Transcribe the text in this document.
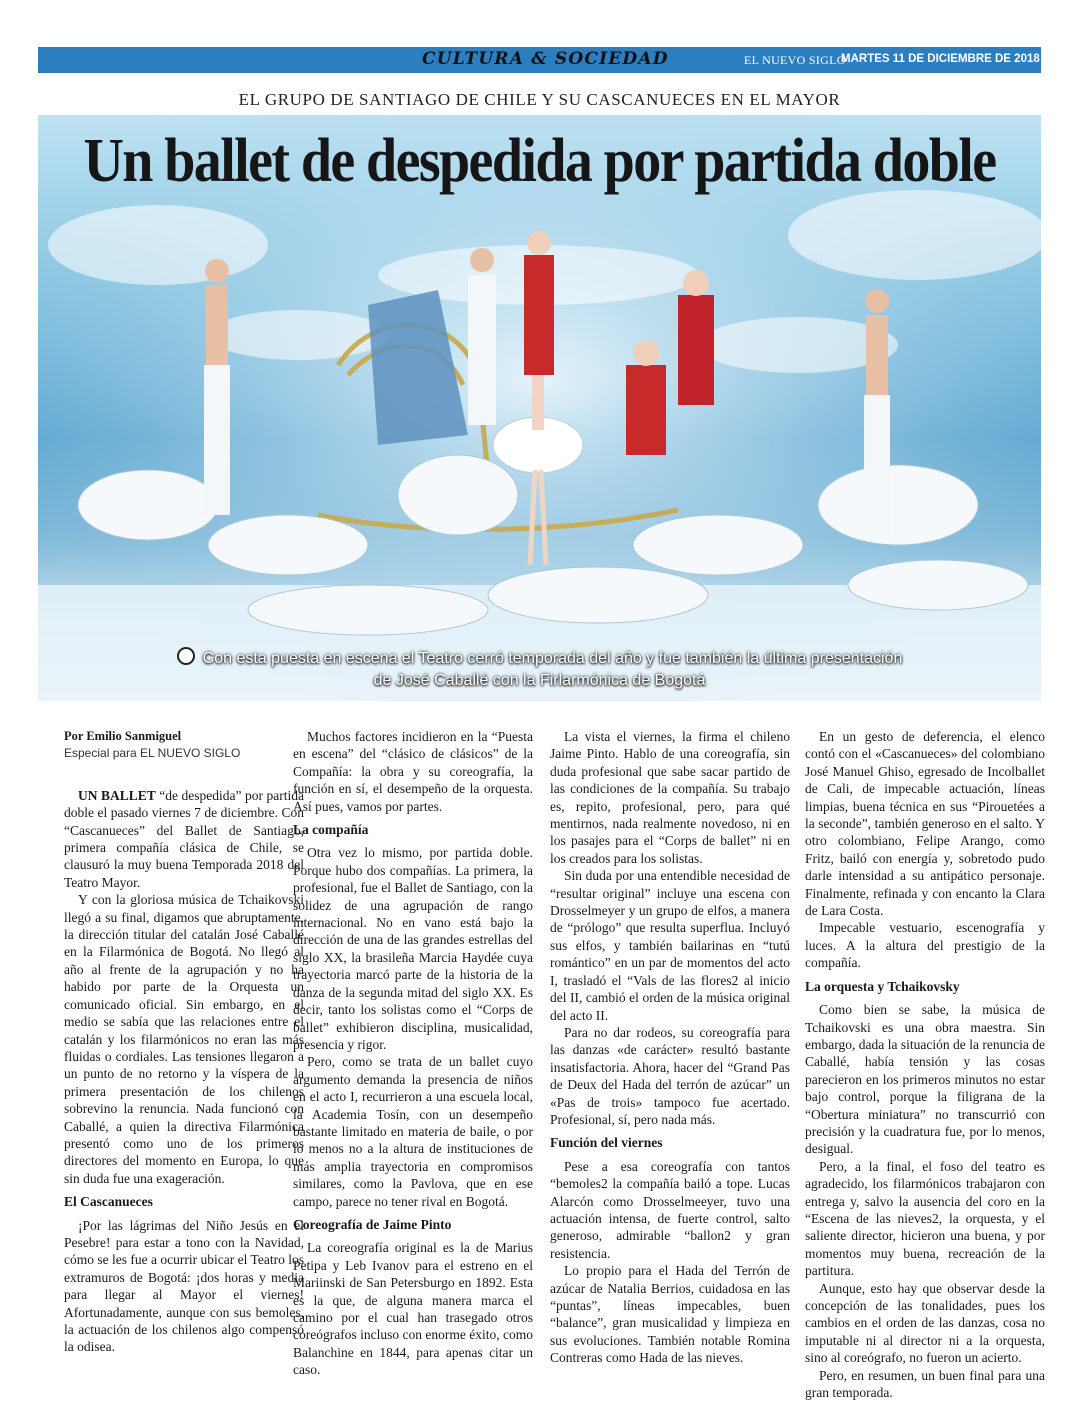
CULTURA & SOCIEDAD	EL NUEVO SIGLO
MARTES 11 DE DICIEMBRE DE 2018 1B
EL GRUPO DE SANTIAGO DE CHILE Y SU CASCANUECES EN EL MAYOR
Un ballet de despedida por partida doble
Con esta puesta en escena el Teatro cerró temporada del año y fue también la última presentación
de José Caballé con la Firlarmónica de Bogotá
Por Emilio Sanmiguel
Especial para EL NUEVO SIGLO

UN BALLET “de despedida” por partida doble el pasado viernes 7 de diciembre. Con “Cascanueces” del Ballet de Santiago, primera compañía clásica de Chile, se clausuró la muy buena Temporada 2018 del Teatro Mayor.

Y con la gloriosa música de Tchaikovski llegó a su final, digamos que abruptamente, la dirección titular del catalán José Caballé en la Filarmónica de Bogotá. No llegó al año al frente de la agrupación y no ha habido por parte de la Orquesta un comunicado oficial. Sin embargo, en el medio se sabía que las relaciones entre el catalán y los filarmónicos no eran las más fluidas o cordiales. Las tensiones llegaron a un punto de no retorno y la víspera de la primera presentación de los chilenos sobrevino la renuncia. Nada funcionó con Caballé, a quien la directiva Filarmónica presentó como uno de los primeros directores del momento en Europa, lo que sin duda fue una exageración.

El Cascanueces

¡Por las lágrimas del Niño Jesús en el Pesebre! para estar a tono con la Navidad, cómo se les fue a ocurrir ubicar el Teatro los extramuros de Bogotá: ¡dos horas y media para llegar al Mayor el viernes! Afortunadamente, aunque con sus bemoles, la actuación de los chilenos algo compensó la odisea.

Muchos factores incidieron en la “Puesta en escena” del “clásico de clásicos” de la Compañía: la obra y su coreografía, la función en sí, el desempeño de la orquesta. Así pues, vamos por partes.

La compañía

Otra vez lo mismo, por partida doble. Porque hubo dos compañías. La primera, la profesional, fue el Ballet de Santiago, con la solidez de una agrupación de rango internacional. No en vano está bajo la dirección de una de las grandes estrellas del siglo XX, la brasileña Marcia Haydée cuya trayectoria marcó parte de la historia de la danza de la segunda mitad del siglo XX. Es decir, tanto los solistas como el “Corps de ballet” exhibieron disciplina, musicalidad, presencia y rigor.

Pero, como se trata de un ballet cuyo argumento demanda la presencia de niños en el acto I, recurrieron a una escuela local, la Academia Tosín, con un desempeño bastante limitado en materia de baile, o por lo menos no a la altura de instituciones de más amplia trayectoria en compromisos similares, como la Pavlova, que en ese campo, parece no tener rival en Bogotá.

Coreografía de Jaime Pinto

La coreografía original es la de Marius Petipa y Leb Ivanov para el estreno en el Mariinski de San Petersburgo en 1892. Esta es la que, de alguna manera marca el camino por el cual han trasegado otros coreógrafos incluso con enorme éxito, como Balanchine en 1844, para apenas citar un caso.

La vista el viernes, la firma el chileno Jaime Pinto. Hablo de una coreografía, sin duda profesional que sabe sacar partido de las condiciones de la compañía. Su trabajo es, repito, profesional, pero, para qué mentirnos, nada realmente novedoso, ni en los pasajes para el “Corps de ballet” ni en los creados para los solistas.

Sin duda por una entendible necesidad de “resultar original” incluye una escena con Drosselmeyer y un grupo de elfos, a manera de “prólogo” que resulta superflua. Incluyó sus elfos, y también bailarinas en “tutú romántico” en un par de momentos del acto I, trasladó el “Vals de las flores2 al inicio del II, cambió el orden de la música original del acto II.

Para no dar rodeos, su coreografía para las danzas «de carácter» resultó bastante insatisfactoria. Ahora, hacer del “Grand Pas de Deux del Hada del terrón de azúcar” un «Pas de trois» tampoco fue acertado. Profesional, sí, pero nada más.

Función del viernes

Pese a esa coreografía con tantos “bemoles2 la compañía bailó a tope. Lucas Alarcón como Drosselmeeyer, tuvo una actuación intensa, de fuerte control, salto generoso, admirable “ballon2 y gran resistencia.

Lo propio para el Hada del Terrón de azúcar de Natalia Berrios, cuidadosa en las “puntas”, líneas impecables, buen “balance”, gran musicalidad y limpieza en sus evoluciones. También notable Romina Contreras como Hada de las nieves.

En un gesto de deferencia, el elenco contó con el «Cascanueces» del colombiano José Manuel Ghiso, egresado de Incolballet de Cali, de impecable actuación, líneas limpias, buena técnica en sus “Pirouetées a la seconde”, también generoso en el salto. Y otro colombiano, Felipe Arango, como Fritz, bailó con energía y, sobretodo pudo darle intensidad a su antipático personaje. Finalmente, refinada y con encanto la Clara de Lara Costa.

Impecable vestuario, escenografía y luces. A la altura del prestigio de la compañía.

La orquesta y Tchaikovsky

Como bien se sabe, la música de Tchaikovski es una obra maestra. Sin embargo, dada la situación de la renuncia de Caballé, había tensión y las cosas parecieron en los primeros minutos no estar bajo control, porque la filigrana de la “Obertura miniatura” no transcurrió con precisión y la cuadratura fue, por lo menos, desigual.

Pero, a la final, el foso del teatro es agradecido, los filarmónicos trabajaron con entrega y, salvo la ausencia del coro en la “Escena de las nieves2, la orquesta, y el saliente director, hicieron una buena, y por momentos muy buena, recreación de la partitura.

Aunque, esto hay que observar desde la concepción de las tonalidades, pues los cambios en el orden de las danzas, cosa no imputable ni al director ni a la orquesta, sino al coreógrafo, no fueron un acierto.

Pero, en resumen, un buen final para una gran temporada.
